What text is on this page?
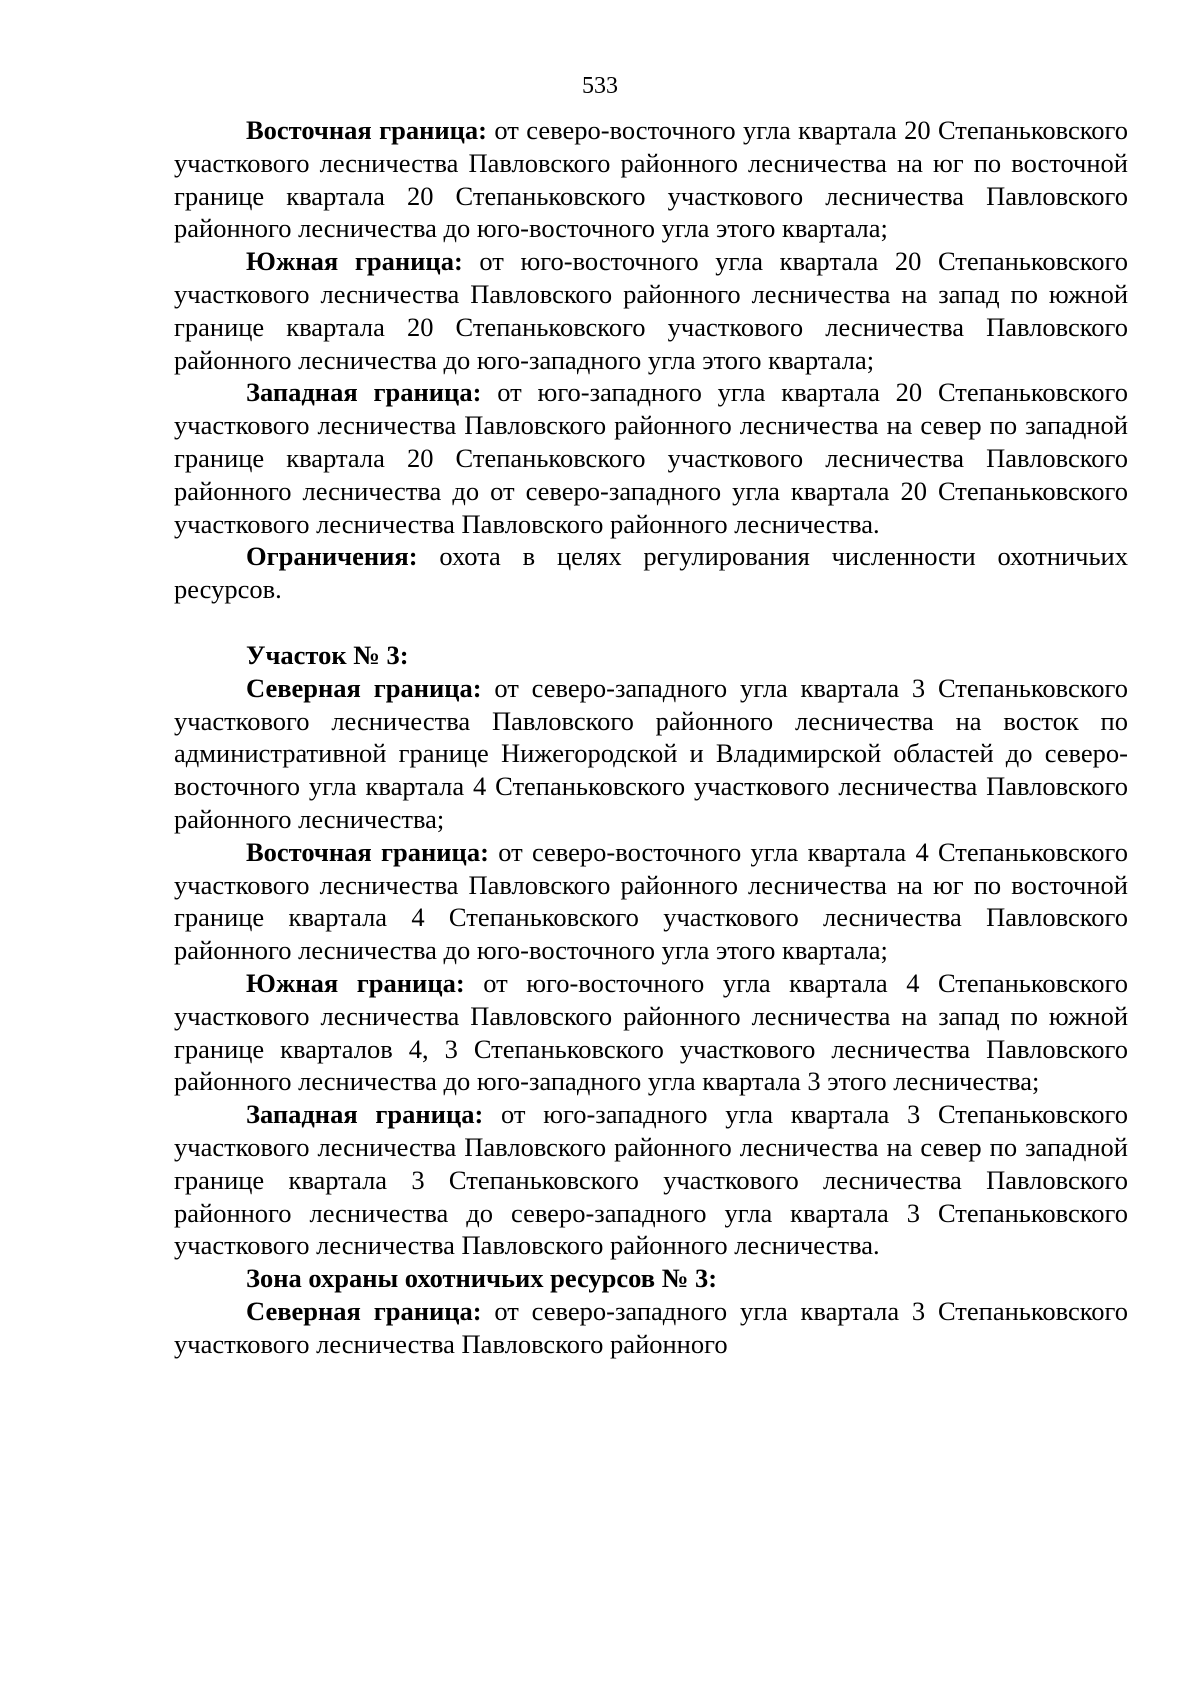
533

Восточная граница: от северо-восточного угла квартала 20 Степаньковского участкового лесничества Павловского районного лесничества на юг по восточной границе квартала 20 Степаньковского участкового лесничества Павловского районного лесничества до юго-восточного угла этого квартала;

Южная граница: от юго-восточного угла квартала 20 Степаньковского участкового лесничества Павловского районного лесничества на запад по южной границе квартала 20 Степаньковского участкового лесничества Павловского районного лесничества до юго-западного угла этого квартала;

Западная граница: от юго-западного угла квартала 20 Степаньковского участкового лесничества Павловского районного лесничества на север по западной границе квартала 20 Степаньковского участкового лесничества Павловского районного лесничества до от северо-западного угла квартала 20 Степаньковского участкового лесничества Павловского районного лесничества.

Ограничения: охота в целях регулирования численности охотничьих ресурсов.

Участок № 3:

Северная граница: от северо-западного угла квартала 3 Степаньковского участкового лесничества Павловского районного лесничества на восток по административной границе Нижегородской и Владимирской областей до северо-восточного угла квартала 4 Степаньковского участкового лесничества Павловского районного лесничества;

Восточная граница: от северо-восточного угла квартала 4 Степаньковского участкового лесничества Павловского районного лесничества на юг по восточной границе квартала 4 Степаньковского участкового лесничества Павловского районного лесничества до юго-восточного угла этого квартала;

Южная граница: от юго-восточного угла квартала 4 Степаньковского участкового лесничества Павловского районного лесничества на запад по южной границе кварталов 4, 3 Степаньковского участкового лесничества Павловского районного лесничества до юго-западного угла квартала 3 этого лесничества;

Западная граница: от юго-западного угла квартала 3 Степаньковского участкового лесничества Павловского районного лесничества на север по западной границе квартала 3 Степаньковского участкового лесничества Павловского районного лесничества до северо-западного угла квартала 3 Степаньковского участкового лесничества Павловского районного лесничества.

Зона охраны охотничьих ресурсов № 3:

Северная граница: от северо-западного угла квартала 3 Степаньковского участкового лесничества Павловского районного
